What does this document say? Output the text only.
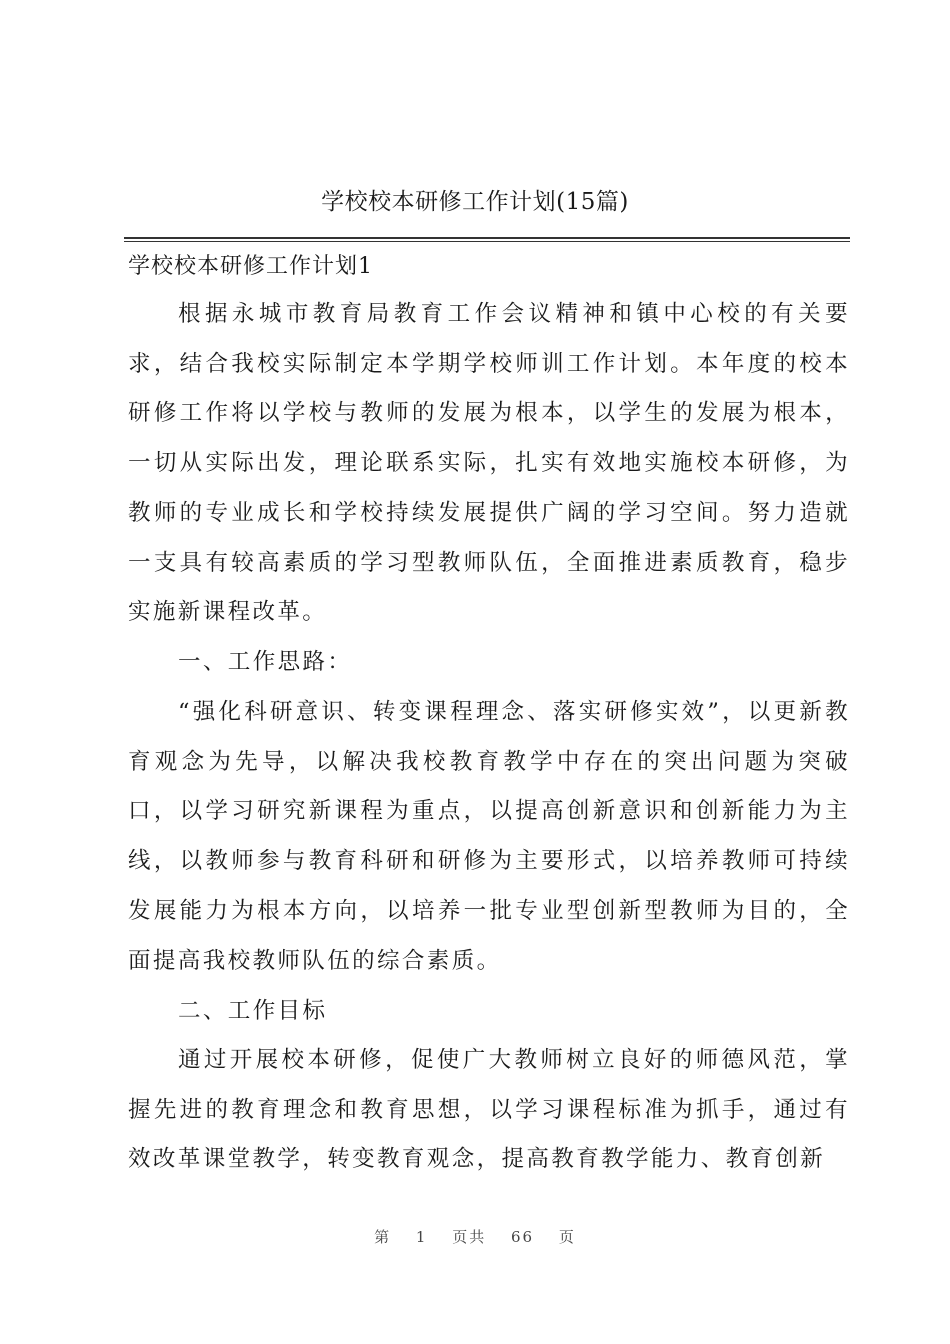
学校校本研修工作计划(15篇)
学校校本研修工作计划1

根据永城市教育局教育工作会议精神和镇中心校的有关要求，结合我校实际制定本学期学校师训工作计划。本年度的校本研修工作将以学校与教师的发展为根本，以学生的发展为根本，一切从实际出发，理论联系实际，扎实有效地实施校本研修，为教师的专业成长和学校持续发展提供广阔的学习空间。努力造就一支具有较高素质的学习型教师队伍，全面推进素质教育，稳步实施新课程改革。

一、工作思路：

“强化科研意识、转变课程理念、落实研修实效”，以更新教育观念为先导，以解决我校教育教学中存在的突出问题为突破口，以学习研究新课程为重点，以提高创新意识和创新能力为主线，以教师参与教育科研和研修为主要形式，以培养教师可持续发展能力为根本方向，以培养一批专业型创新型教师为目的，全面提高我校教师队伍的综合素质。

二、工作目标

通过开展校本研修，促使广大教师树立良好的师德风范，掌握先进的教育理念和教育思想，以学习课程标准为抓手，通过有效改革课堂教学，转变教育观念，提高教育教学能力、教育创新

第 1 页共 66 页
